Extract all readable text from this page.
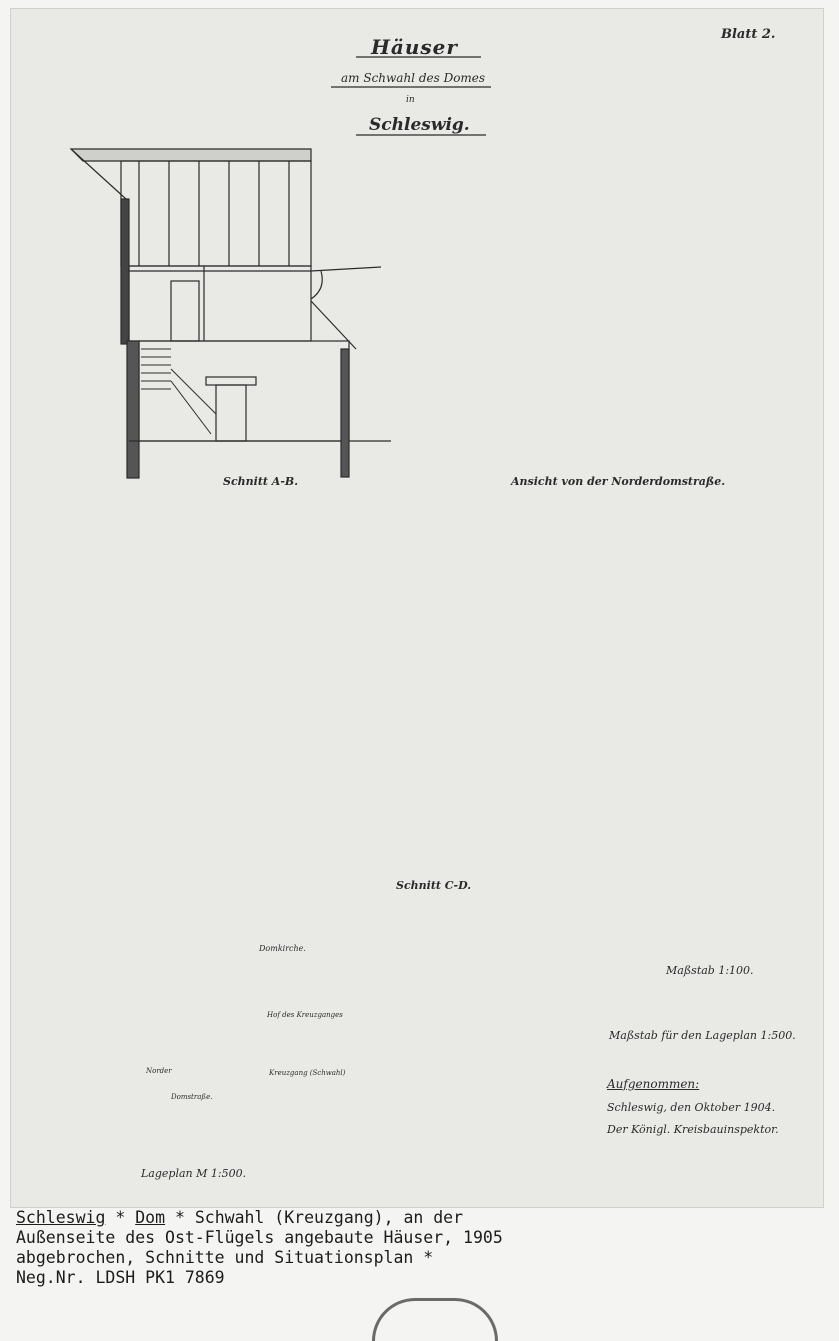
Blatt 2.
Häuser
am Schwahl des Domes
in
Schleswig.
Schnitt A-B.	Ansicht von der Norderdomstraße.
Schnitt C-D.
Lageplan M 1:500.
Domkirche.
Hof des Kreuzganges
Kreuzgang (Schwahl)
Norder
Domstraße.
Maßstab 1:100.
Maßstab für den Lageplan 1:500.
Aufgenommen:
Schleswig, den Oktober 1904.
Der Königl. Kreisbauinspektor.
Schleswig * Dom * Schwahl (Kreuzgang), an der
Außenseite des Ost-Flügels angebaute Häuser, 1905
abgebrochen, Schnitte und Situationsplan *
Neg.Nr. LDSH PK1 7869
